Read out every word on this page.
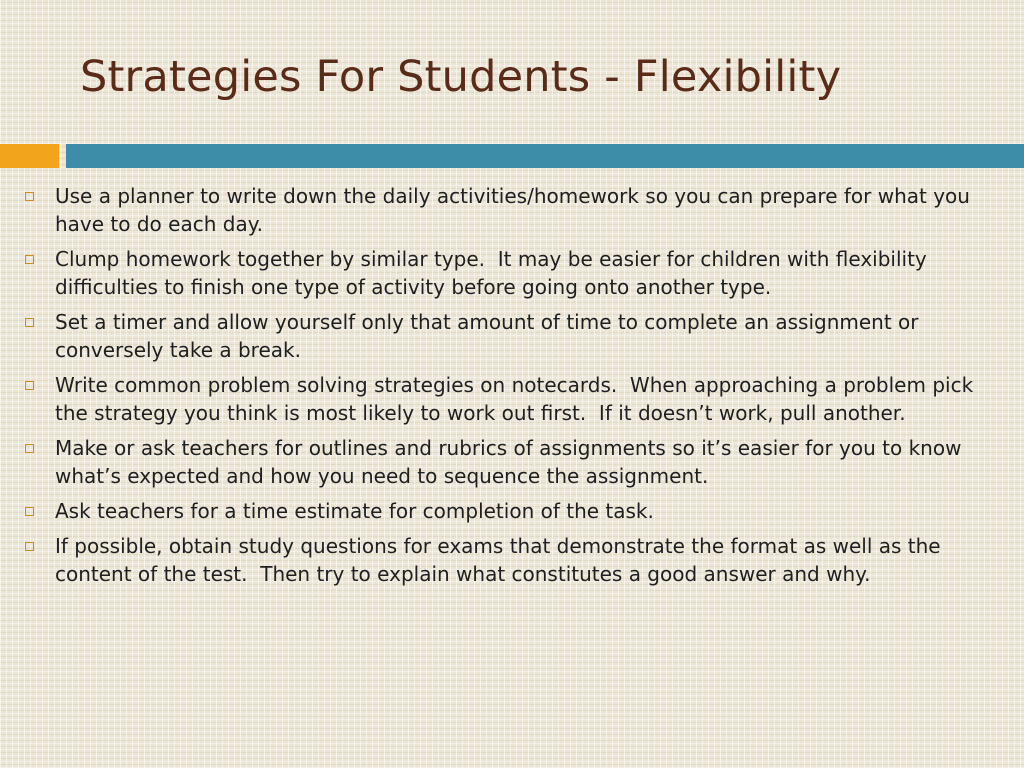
Strategies For Students - Flexibility
Use a planner to write down the daily activities/homework so you can prepare for what you have to do each day.
Clump homework together by similar type.  It may be easier for children with flexibility difficulties to finish one type of activity before going onto another type.
Set a timer and allow yourself only that amount of time to complete an assignment or conversely take a break.
Write common problem solving strategies on notecards.  When approaching a problem pick the strategy you think is most likely to work out first.  If it doesn’t work, pull another.
Make or ask teachers for outlines and rubrics of assignments so it’s easier for you to know what’s expected and how you need to sequence the assignment.
Ask teachers for a time estimate for completion of the task.
If possible, obtain study questions for exams that demonstrate the format as well as the content of the test.  Then try to explain what constitutes a good answer and why.
